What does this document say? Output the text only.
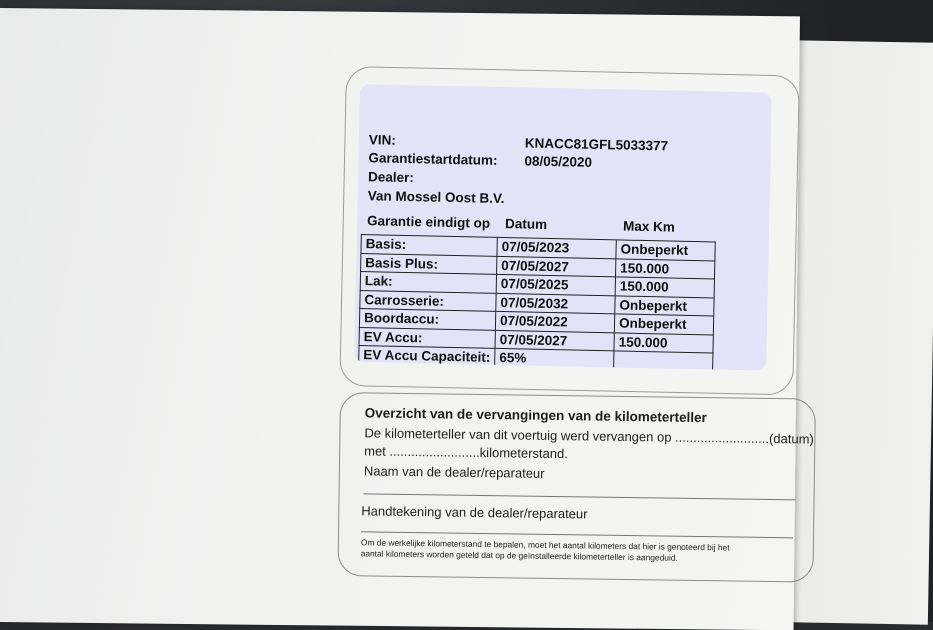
VIN:	KNACC81GFL5033377
Garantiestartdatum: 08/05/2020
Dealer:
Van Mossel Oost B.V.
Garantie eindigt op Datum	Max Km
Basis:	07/05/2023	Onbeperkt
Basis Plus:	07/05/2027	150.000
Lak:	07/05/2025	150.000
Carrosserie:	07/05/2032	Onbeperkt
Boordaccu:	07/05/2022	Onbeperkt
EV Accu:	07/05/2027	150.000
EV Accu Capaciteit:	65%	
Overzicht van de vervangingen van de kilometerteller
De kilometerteller van dit voertuig werd vervangen op ..........................(datum)
met .........................kilometerstand.
Naam van de dealer/reparateur
Handtekening van de dealer/reparateur
Om de werkelijke kilometerstand te bepalen, moet het aantal kilometers dat hier is genoteerd bij het
aantal kilometers worden geteld dat op de geïnstalleerde kilometerteller is aangeduid.
